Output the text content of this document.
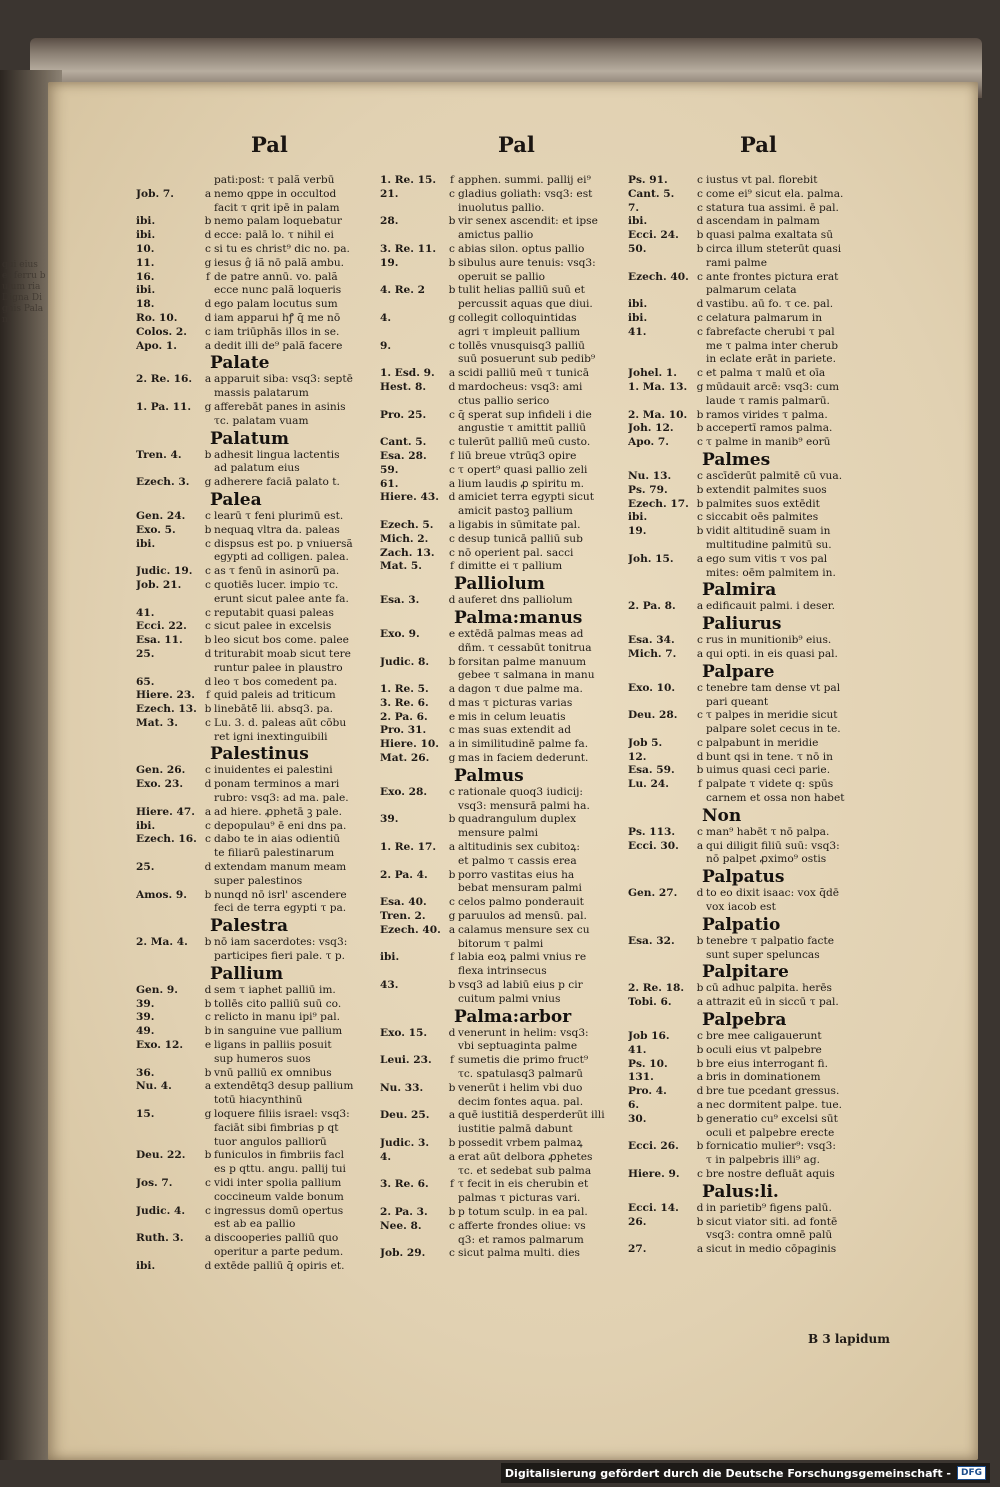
qui eius et ferru bulum ria Digna Dignis Palam
Pal
pati:post: τ palã verbū
Job. 7.	a nemo qppe in occultod
facit τ qrit ipē in palam
ibi.	b nemo palam loquebatur
ibi.	d ecce: palā lo. τ nihil ei
10.	c si tu es christ⁹ dic no. pa.
11.	g iesus ĝ iã nō palã ambu.
16.	f de patre annū. vo. palã
ibi.	ecce nunc palã loqueris
18.	d ego palam locutus sum
Ro. 10.	d iam apparui hꝭ q̄ me nō
Colos. 2.	c iam triūphās illos in se.
Apo. 1.	a dedit illi de⁹ palã facere
Palate
2. Re. 16.	a apparuit siba: vsq3: septē
massis palatarum
1. Pa. 11.	g afferebāt panes in asinis
τc. palatam vuam
Palatum
Tren. 4.	b adhesit lingua lactentis
ad palatum eius
Ezech. 3.	g adherere faciā palato t.
Palea
Gen. 24.	c learū τ feni plurimū est.
Exo. 5.	b nequaꝗ vltra da. paleas
ibi.	c dispsus est po. p vniuersã
egypti ad colligen. palea.
Judic. 19.	c as τ fenū in asinorū pa.
Job. 21.	c quotiēs lucer. impio τc.
erunt sicut palee ante fa.
41.	c reputabit quasi paleas
Ecci. 22.	c sicut palee in excelsis
Esa. 11.	b leo sicut bos come. palee
25.	d triturabit moab sicut tere
runtur palee in plaustro
65.	d leo τ bos comedent pa.
Hiere. 23.	f quid paleis ad triticum
Ezech. 13. b linebātē̄ lii. absq3. pa.
Mat. 3.	c Lu. 3. d. paleas aūt cōbu
ret igni inextinguibili
Palestinus
Gen. 26.	c inuidentes ei palestini
Exo. 23.	d ponam terminos a mari
rubro: vsq3: ad ma. pale.
Hiere. 47. a ad hiere. ꝓphetā ꝫ pale.
ibi.	c depopulau⁹ ē eni dns pa.
Ezech. 16. c dabo te in aias odientiū
te filiarū palestinarum
25.	d extendam manum meam
super palestinos
Amos. 9.	b nunqd nō isrl' ascendere
feci de terra egypti τ pa.
Palestra
2. Ma. 4.	b nō iam sacerdotes: vsq3:
participes fieri pale. τ p.
Pallium
Gen. 9.	d sem τ iaphet palliū im.
39.	b tollēs cito palliū suū co.
39.	c relicto in manu ipi⁹ pal.
49.	b in sanguine vue pallium
Exo. 12.	e ligans in palliis posuit
sup humeros suos
36.	b vnū palliū ex omnibus
Nu. 4.	a extendētq3 desup pallium
totū hiacynthinū
15.	g loquere filiis israel: vsq3:
faciāt sibi fimbrias p qt
tuor angulos palliorū
Deu. 22.	b funiculos in fimbriis facl
es p qttu. angu. pallij tui
Jos. 7.	c vidi inter spolia pallium
coccineum valde bonum
Judic. 4.	c ingressus domū opertus
est ab ea pallio
Ruth. 3.	a discooperies palliū quo
operitur a parte pedum.
ibi.	d extēde palliū q̄ opiris et.
Pal
1. Re. 15.	f apphen. summi. pallij ei⁹
21.	c gladius goliath: vsq3: est
inuolutus pallio.
28.	b vir senex ascendit: et ipse
amictus pallio
3. Re. 11.	c abias silon. optus pallio
19.	b sibulus aure tenuis: vsq3:
operuit se pallio
4. Re. 2	b tulit helias palliū suū et
percussit aquas que diui.
4.	g collegit colloquintidas
agri τ impleuit pallium
9.	c tollēs vnusquisq3 palliū
suū posuerunt sub pedib⁹
1. Esd. 9.	a scidi palliū meū τ tunicā
Hest. 8.	d mardocheus: vsq3: ami
ctus pallio serico
Pro. 25.	c q̄ sperat sup infideli i die
angustie τ amittit palliū
Cant. 5.	c tulerūt palliū meū custo.
Esa. 28.	f liū breue vtrūq3 opire
59.	c τ opert⁹ quasi pallio zeli
61.	a lium laudis ꝓ spiritu m.
Hiere. 43. d amiciet terra egypti sicut
amicit pastoꝫ pallium
Ezech. 5.	a ligabis in sūmitate pal.
Mich. 2.	c desup tunicā palliū sub
Zach. 13.	c nō operient pal. sacci
Mat. 5.	f dimitte ei τ pallium
Palliolum
Esa. 3.	d auferet dns palliolum
Palma:manus
Exo. 9.	e extēdā palmas meas ad
dñm. τ cessabūt tonitrua
Judic. 8.	b forsitan palme manuum
gebee τ salmana in manu
1. Re. 5.	a dagon τ due palme ma.
3. Re. 6.	d mas τ picturas varias
2. Pa. 6.	e mis in celum leuatis
Pro. 31.	c mas suas extendit ad
Hiere. 10. a in similitudinē palme fa.
Mat. 26.	g mas in faciem dederunt.
Palmus
Exo. 28.	c rationale quoq3 iudicij:
vsq3: mensurā palmi ha.
39.	b quadrangulum duplex
mensure palmi
1. Re. 17.	a altitudinis sex cubitoꝝ:
et palmo τ cassis erea
2. Pa. 4.	b porro vastitas eius ha
bebat mensuram palmi
Esa. 40.	c celos palmo ponderauit
Tren. 2.	g paruulos ad mensū. pal.
Ezech. 40. a calamus mensure sex cu
bitorum τ palmi
ibi.	f labia eoꝝ palmi vnius re
flexa intrinsecus
43.	b vsq3 ad labiū eius p cir
cuitum palmi vnius
Palma:arbor
Exo. 15.	d venerunt in helim: vsq3:
vbi septuaginta palme
Leui. 23.	f sumetis die primo fruct⁹
τc. spatulasq3 palmarū
Nu. 33.	b venerūt i helim vbi duo
decim fontes aqua. pal.
Deu. 25.	a quē iustitiā desperderūt illi
iustitie palmā dabunt
Judic. 3.	b possedit vrbem palmaꝝ
4.	a erat aūt delbora ꝓphetes
τc. et sedebat sub palma
3. Re. 6.	f τ fecit in eis cherubin et
palmas τ picturas vari.
2. Pa. 3.	b p totum sculp. in ea pal.
Nee. 8.	c afferte frondes oliue: vs
q3: et ramos palmarum
Job. 29.	c sicut palma multi. dies
Pal
Ps. 91.	c iustus vt pal. florebit
Cant. 5.	c come ei⁹ sicut ela. palma.
7.	c statura tua assimi. ē pal.
ibi.	d ascendam in palmam
Ecci. 24.	b quasi palma exaltata sū
50.	b circa illum steterūt quasi
rami palme
Ezech. 40. c ante frontes pictura erat
palmarum celata
ibi.	d vastibu. aū fo. τ ce. pal.
ibi.	c celatura palmarum in
41.	c fabrefacte cherubi τ pal
me τ palma inter cherub
in eclate erāt in pariete.
Johel. 1.	c et palma τ malū et oīa
1. Ma. 13. g mūdauit arcē: vsq3: cum
laude τ ramis palmarū.
2. Ma. 10. b ramos virides τ palma.
Joh. 12.	b accepertī ramos palma.
Apo. 7.	c τ palme in manib⁹ eorū
Palmes
Nu. 13.	c ascīderūt palmitē cū vua.
Ps. 79.	b extendit palmites suos
Ezech. 17. b palmites suos extēdit
ibi.	c siccabit oēs palmites
19.	b vidit altitudinē suam in
multitudine palmitū su.
Joh. 15.	a ego sum vitis τ vos pal
mites: oēm palmitem in.
Palmira
2. Pa. 8.	a edificauit palmi. i deser.
Paliurus
Esa. 34.	c rus in munitionib⁹ eius.
Mich. 7.	a qui opti. in eis quasi pal.
Palpare
Exo. 10.	c tenebre tam dense vt pal
pari queant
Deu. 28.	c τ palpes in meridie sicut
palpare solet cecus in te.
Job 5.	c palpabunt in meridie
12.	d bunt qsi in tene. τ nō in
Esa. 59.	b uimus quasi ceci parie.
Lu. 24.	f palpate τ videte q: spūs
carnem et ossa non habet
Non
Ps. 113.	c man⁹ habēt τ nō palpa.
Ecci. 30.	a qui diligit filiū suū: vsq3:
nō palpet ꝓximo⁹ ostis
Palpatus
Gen. 27.	d to eo dixit isaac: vox q̄dē
vox iacob est
Palpatio
Esa. 32.	b tenebre τ palpatio facte
sunt super speluncas
Palpitare
2. Re. 18.	b cū adhuc palpita. herēs
Tobi. 6.	a attrazit eū in siccū τ pal.
Palpebra
Job 16.	c bre mee caligauerunt
41.	b oculi eius vt palpebre
Ps. 10.	b bre eius interrogant fi.
131.	a bris in dominationem
Pro. 4.	d bre tue pcedant gressus.
6.	a nec dormitent palpe. tue.
30.	b generatio cu⁹ excelsi sūt
oculi et palpebre erecte
Ecci. 26.	b fornicatio mulier⁹: vsq3:
τ in palpebris illi⁹ ag.
Hiere. 9.	c bre nostre defluāt aquis
Palus:li.
Ecci. 14.	d in parietib⁹ figens palū.
26.	b sicut viator siti. ad fontē
vsq3: contra omnē palū
27.	a sicut in medio cōpaginis
B 3 lapidum
Digitalisierung gefördert durch die Deutsche Forschungsgemeinschaft -	DFG
